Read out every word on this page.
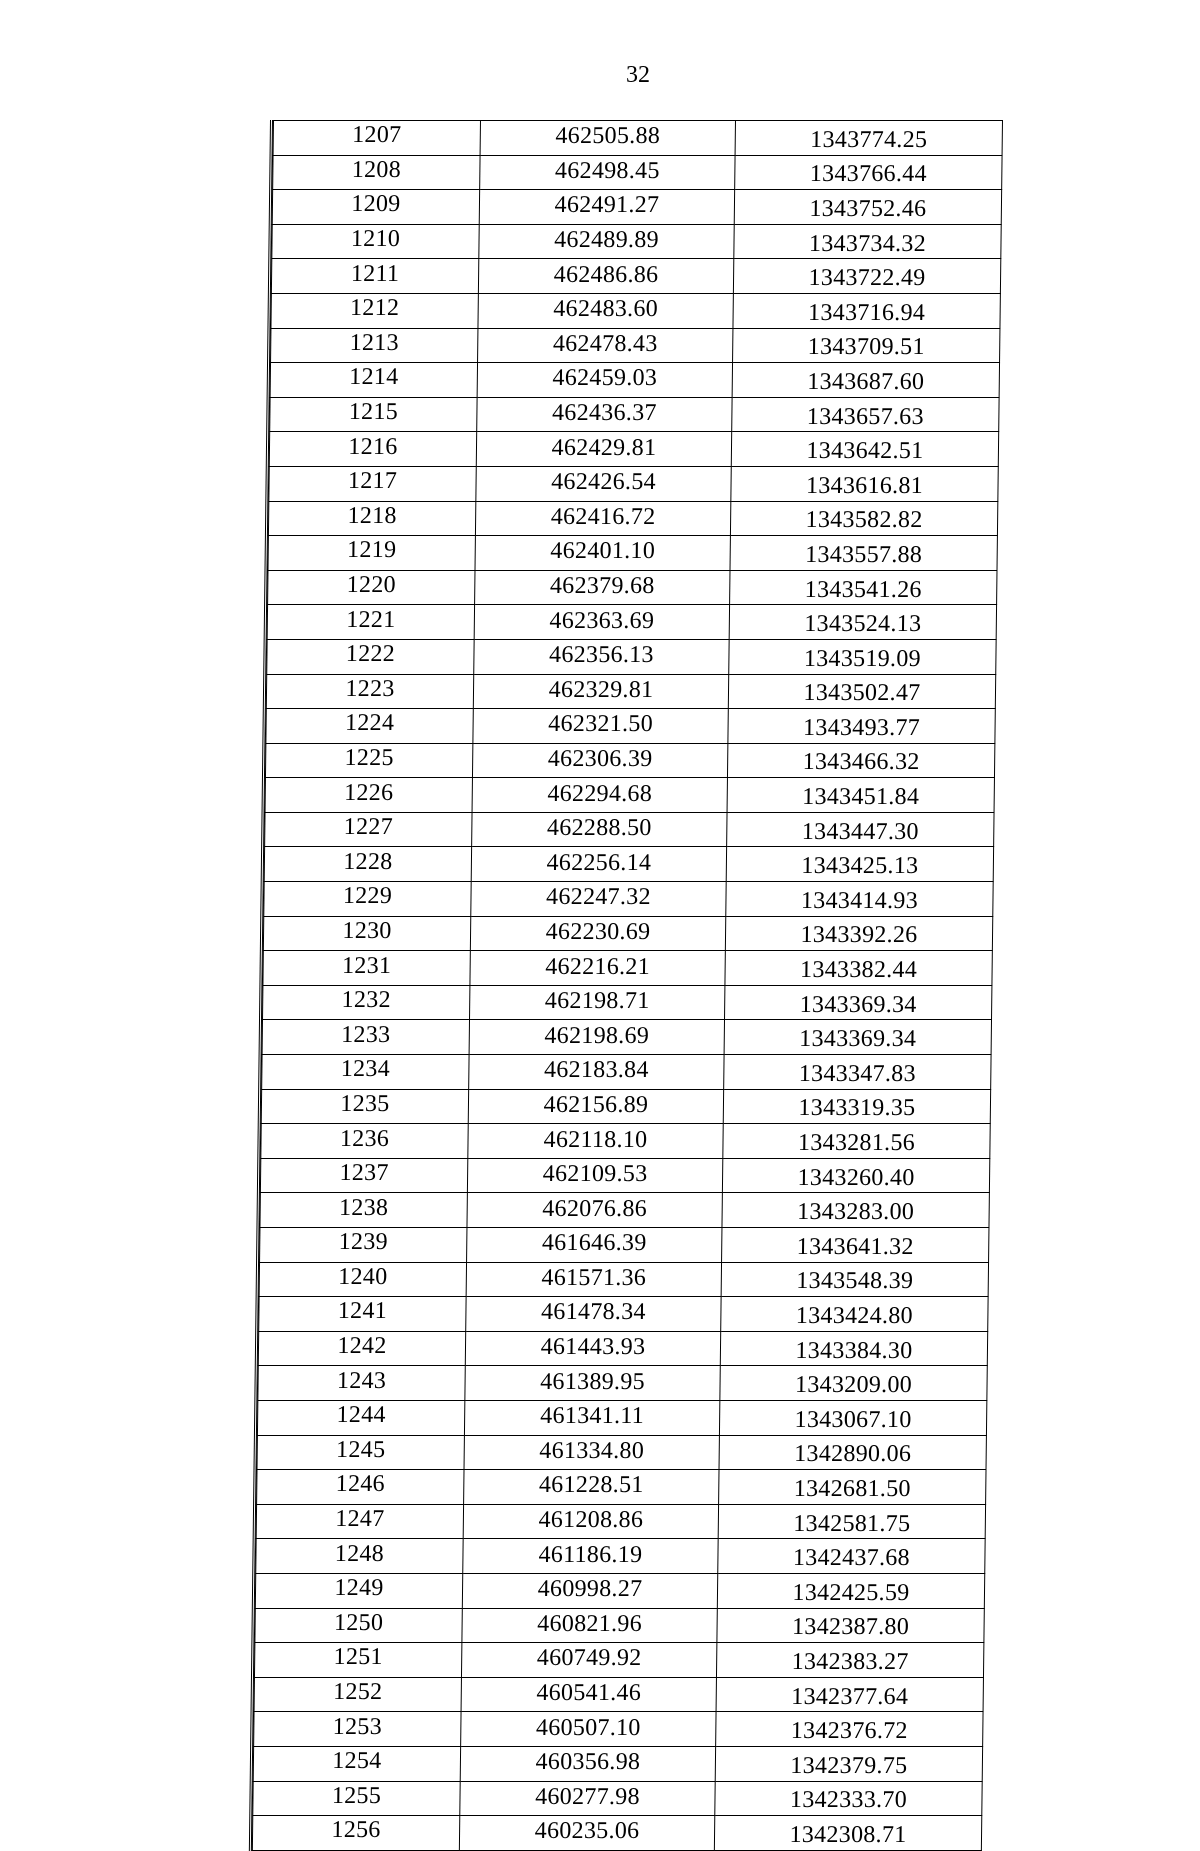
32
1207	462505.88	1343774.25
1208	462498.45	1343766.44
1209	462491.27	1343752.46
1210	462489.89	1343734.32
1211	462486.86	1343722.49
1212	462483.60	1343716.94
1213	462478.43	1343709.51
1214	462459.03	1343687.60
1215	462436.37	1343657.63
1216	462429.81	1343642.51
1217	462426.54	1343616.81
1218	462416.72	1343582.82
1219	462401.10	1343557.88
1220	462379.68	1343541.26
1221	462363.69	1343524.13
1222	462356.13	1343519.09
1223	462329.81	1343502.47
1224	462321.50	1343493.77
1225	462306.39	1343466.32
1226	462294.68	1343451.84
1227	462288.50	1343447.30
1228	462256.14	1343425.13
1229	462247.32	1343414.93
1230	462230.69	1343392.26
1231	462216.21	1343382.44
1232	462198.71	1343369.34
1233	462198.69	1343369.34
1234	462183.84	1343347.83
1235	462156.89	1343319.35
1236	462118.10	1343281.56
1237	462109.53	1343260.40
1238	462076.86	1343283.00
1239	461646.39	1343641.32
1240	461571.36	1343548.39
1241	461478.34	1343424.80
1242	461443.93	1343384.30
1243	461389.95	1343209.00
1244	461341.11	1343067.10
1245	461334.80	1342890.06
1246	461228.51	1342681.50
1247	461208.86	1342581.75
1248	461186.19	1342437.68
1249	460998.27	1342425.59
1250	460821.96	1342387.80
1251	460749.92	1342383.27
1252	460541.46	1342377.64
1253	460507.10	1342376.72
1254	460356.98	1342379.75
1255	460277.98	1342333.70
1256	460235.06	1342308.71
